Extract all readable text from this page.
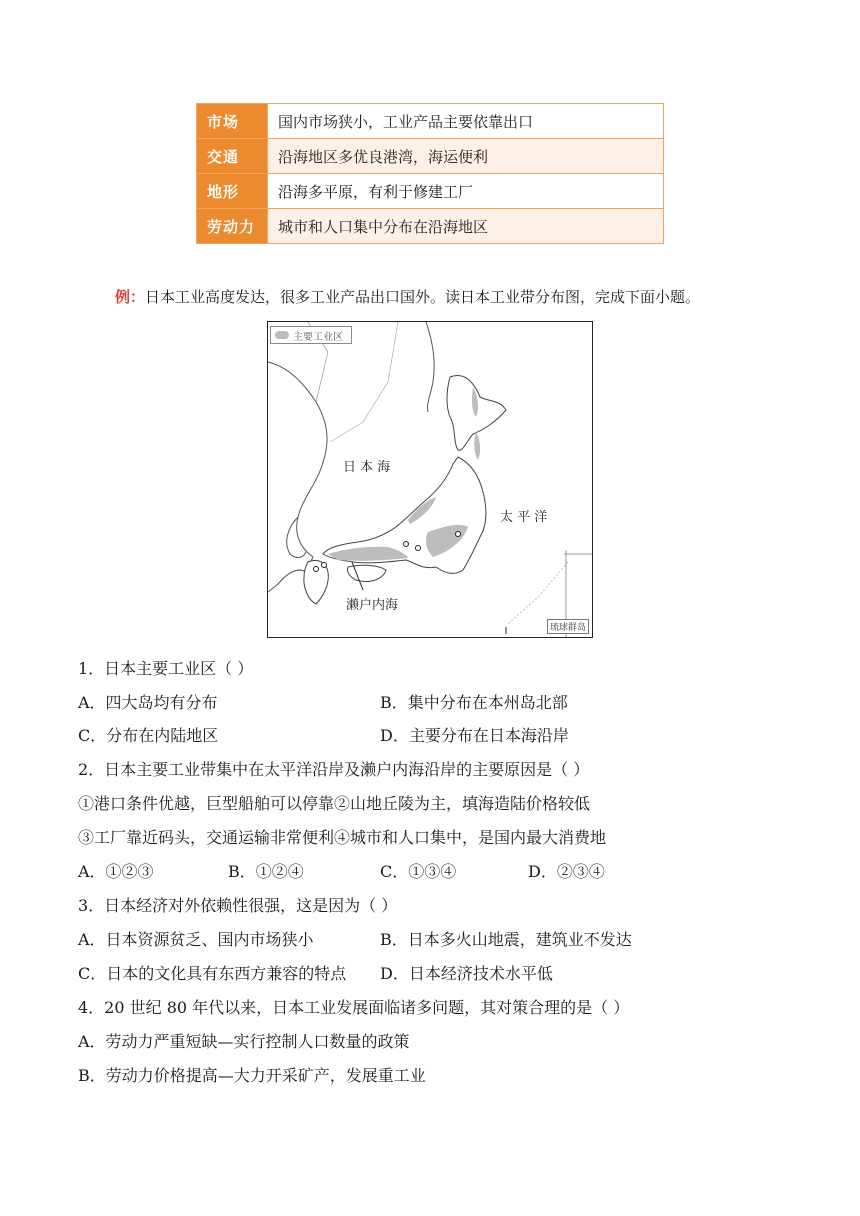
市场	国内市场狭小，工业产品主要依靠出口
交通	沿海地区多优良港湾，海运便利
地形	沿海多平原，有利于修建工厂
劳动力	城市和人口集中分布在沿海地区
例：日本工业高度发达，很多工业产品出口国外。读日本工业带分布图，完成下面小题。
主要工业区
日 本 海
太 平 洋
濑户内海
琉球群岛
1．日本主要工业区（ ）
A．四大岛均有分布	B．集中分布在本州岛北部
C．分布在内陆地区	D．主要分布在日本海沿岸
2．日本主要工业带集中在太平洋沿岸及濑户内海沿岸的主要原因是（ ）
①港口条件优越，巨型船舶可以停靠②山地丘陵为主，填海造陆价格较低
③工厂靠近码头，交通运输非常便利④城市和人口集中，是国内最大消费地
A．①②③	B．①②④	C．①③④	D．②③④
3．日本经济对外依赖性很强，这是因为（ ）
A．日本资源贫乏、国内市场狭小	B．日本多火山地震，建筑业不发达
C．日本的文化具有东西方兼容的特点 D．日本经济技术水平低
4．20 世纪 80 年代以来，日本工业发展面临诸多问题，其对策合理的是（ ）
A．劳动力严重短缺—实行控制人口数量的政策
B．劳动力价格提高—大力开采矿产，发展重工业
